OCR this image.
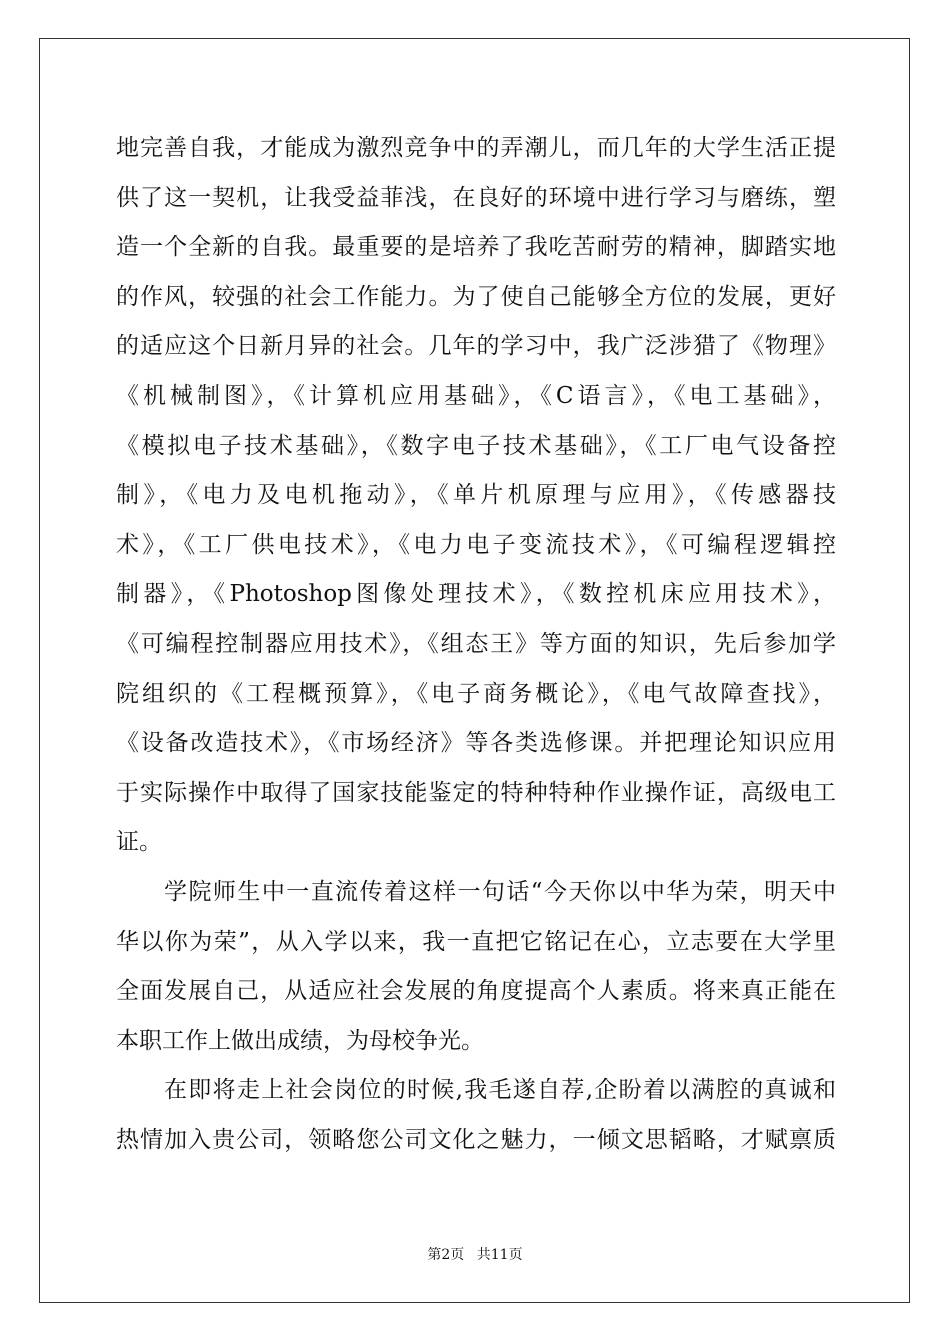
地完善自我，才能成为激烈竞争中的弄潮儿，而几年的大学生活正提
供了这一契机，让我受益菲浅，在良好的环境中进行学习与磨练，塑
造一个全新的自我。最重要的是培养了我吃苦耐劳的精神，脚踏实地
的作风，较强的社会工作能力。为了使自己能够全方位的发展，更好
的适应这个日新月异的社会。几年的学习中，我广泛涉猎了《物理》
《机械制图》，《计算机应用基础》，《C语言》，《电工基础》，
《模拟电子技术基础》，《数字电子技术基础》，《工厂电气设备控
制》，《电力及电机拖动》，《单片机原理与应用》，《传感器技
术》，《工厂供电技术》，《电力电子变流技术》，《可编程逻辑控
制器》，《Photoshop图像处理技术》，《数控机床应用技术》，
《可编程控制器应用技术》，《组态王》等方面的知识，先后参加学
院组织的《工程概预算》，《电子商务概论》，《电气故障查找》，
《设备改造技术》，《市场经济》等各类选修课。并把理论知识应用
于实际操作中取得了国家技能鉴定的特种特种作业操作证，高级电工
证。
学院师生中一直流传着这样一句话“今天你以中华为荣，明天中
华以你为荣”，从入学以来，我一直把它铭记在心，立志要在大学里
全面发展自己，从适应社会发展的角度提高个人素质。将来真正能在
本职工作上做出成绩，为母校争光。
在即将走上社会岗位的时候,我毛遂自荐,企盼着以满腔的真诚和
热情加入贵公司，领略您公司文化之魅力，一倾文思韬略，才赋禀质
第2页 共11页
